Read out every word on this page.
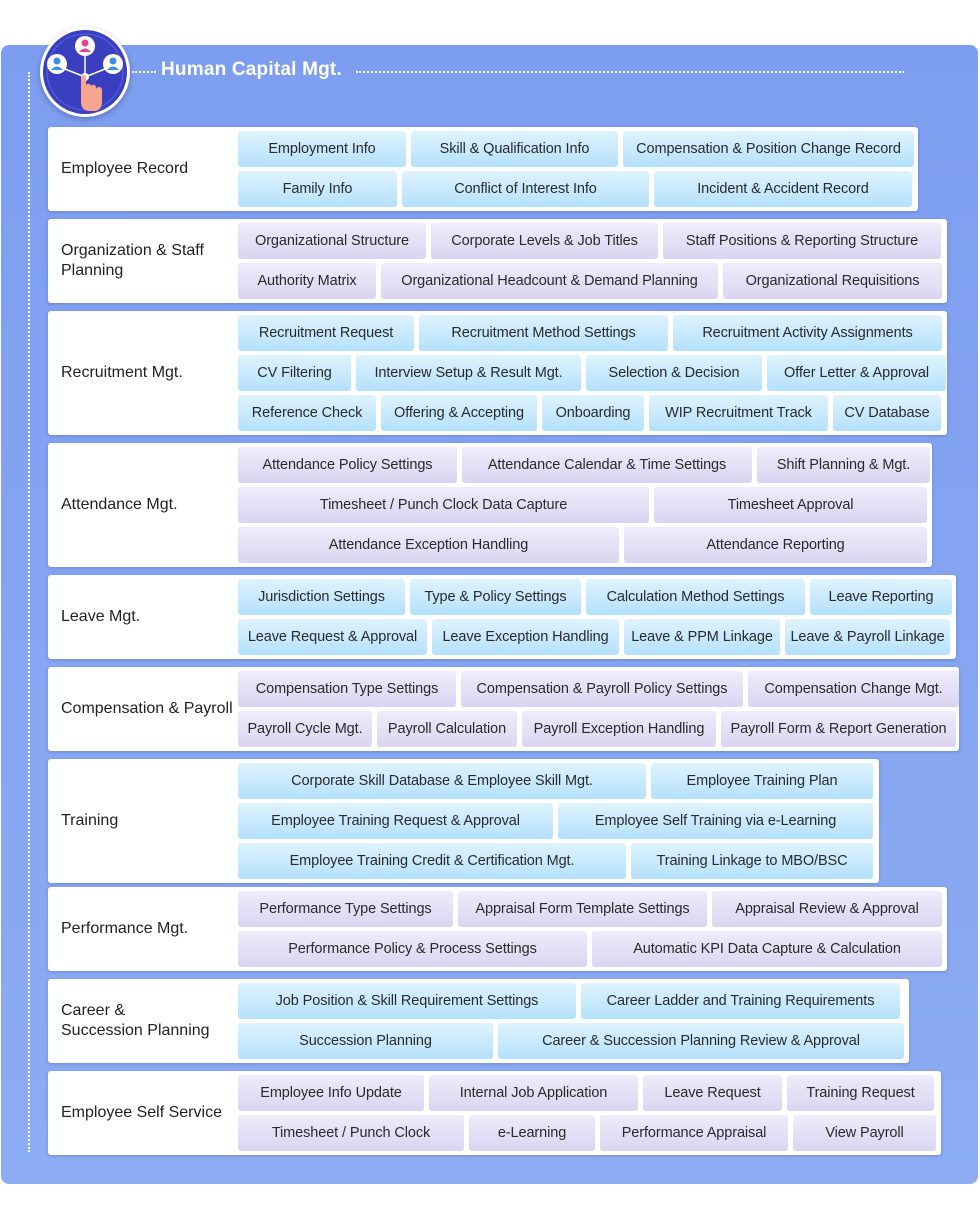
Human Capital Mgt.
Employee Record
Employment Info	Skill & Qualification Info	Compensation & Position Change Record
Family Info	Conflict of Interest Info	Incident & Accident Record
Organization & Staff Planning
Organizational Structure	Corporate Levels & Job Titles	Staff Positions & Reporting Structure
Authority Matrix	Organizational Headcount & Demand Planning	Organizational Requisitions
Recruitment Mgt.
Recruitment Request	Recruitment Method Settings	Recruitment Activity Assignments
CV Filtering	Interview Setup & Result Mgt.	Selection & Decision	Offer Letter & Approval
Reference Check	Offering & Accepting	Onboarding	WIP Recruitment Track	CV Database
Attendance Mgt.
Attendance Policy Settings	Attendance Calendar & Time Settings	Shift Planning & Mgt.
Timesheet / Punch Clock Data Capture	Timesheet Approval
Attendance Exception Handling	Attendance Reporting
Leave Mgt.
Jurisdiction Settings	Type & Policy Settings	Calculation Method Settings	Leave Reporting
Leave Request & Approval	Leave Exception Handling	Leave & PPM Linkage	Leave & Payroll Linkage
Compensation & Payroll
Compensation Type Settings	Compensation & Payroll Policy Settings	Compensation Change Mgt.
Payroll Cycle Mgt.	Payroll Calculation	Payroll Exception Handling	Payroll Form & Report Generation
Training
Corporate Skill Database & Employee Skill Mgt.	Employee Training Plan
Employee Training Request & Approval	Employee Self Training via e-Learning
Employee Training Credit & Certification Mgt.	Training Linkage to MBO/BSC
Performance Mgt.
Performance Type Settings	Appraisal Form Template Settings	Appraisal Review & Approval
Performance Policy & Process Settings	Automatic KPI Data Capture & Calculation
Career & Succession Planning
Job Position & Skill Requirement Settings	Career Ladder and Training Requirements
Succession Planning	Career & Succession Planning Review & Approval
Employee Self Service
Employee Info Update	Internal Job Application	Leave Request	Training Request
Timesheet / Punch Clock	e-Learning	Performance Appraisal	View Payroll
